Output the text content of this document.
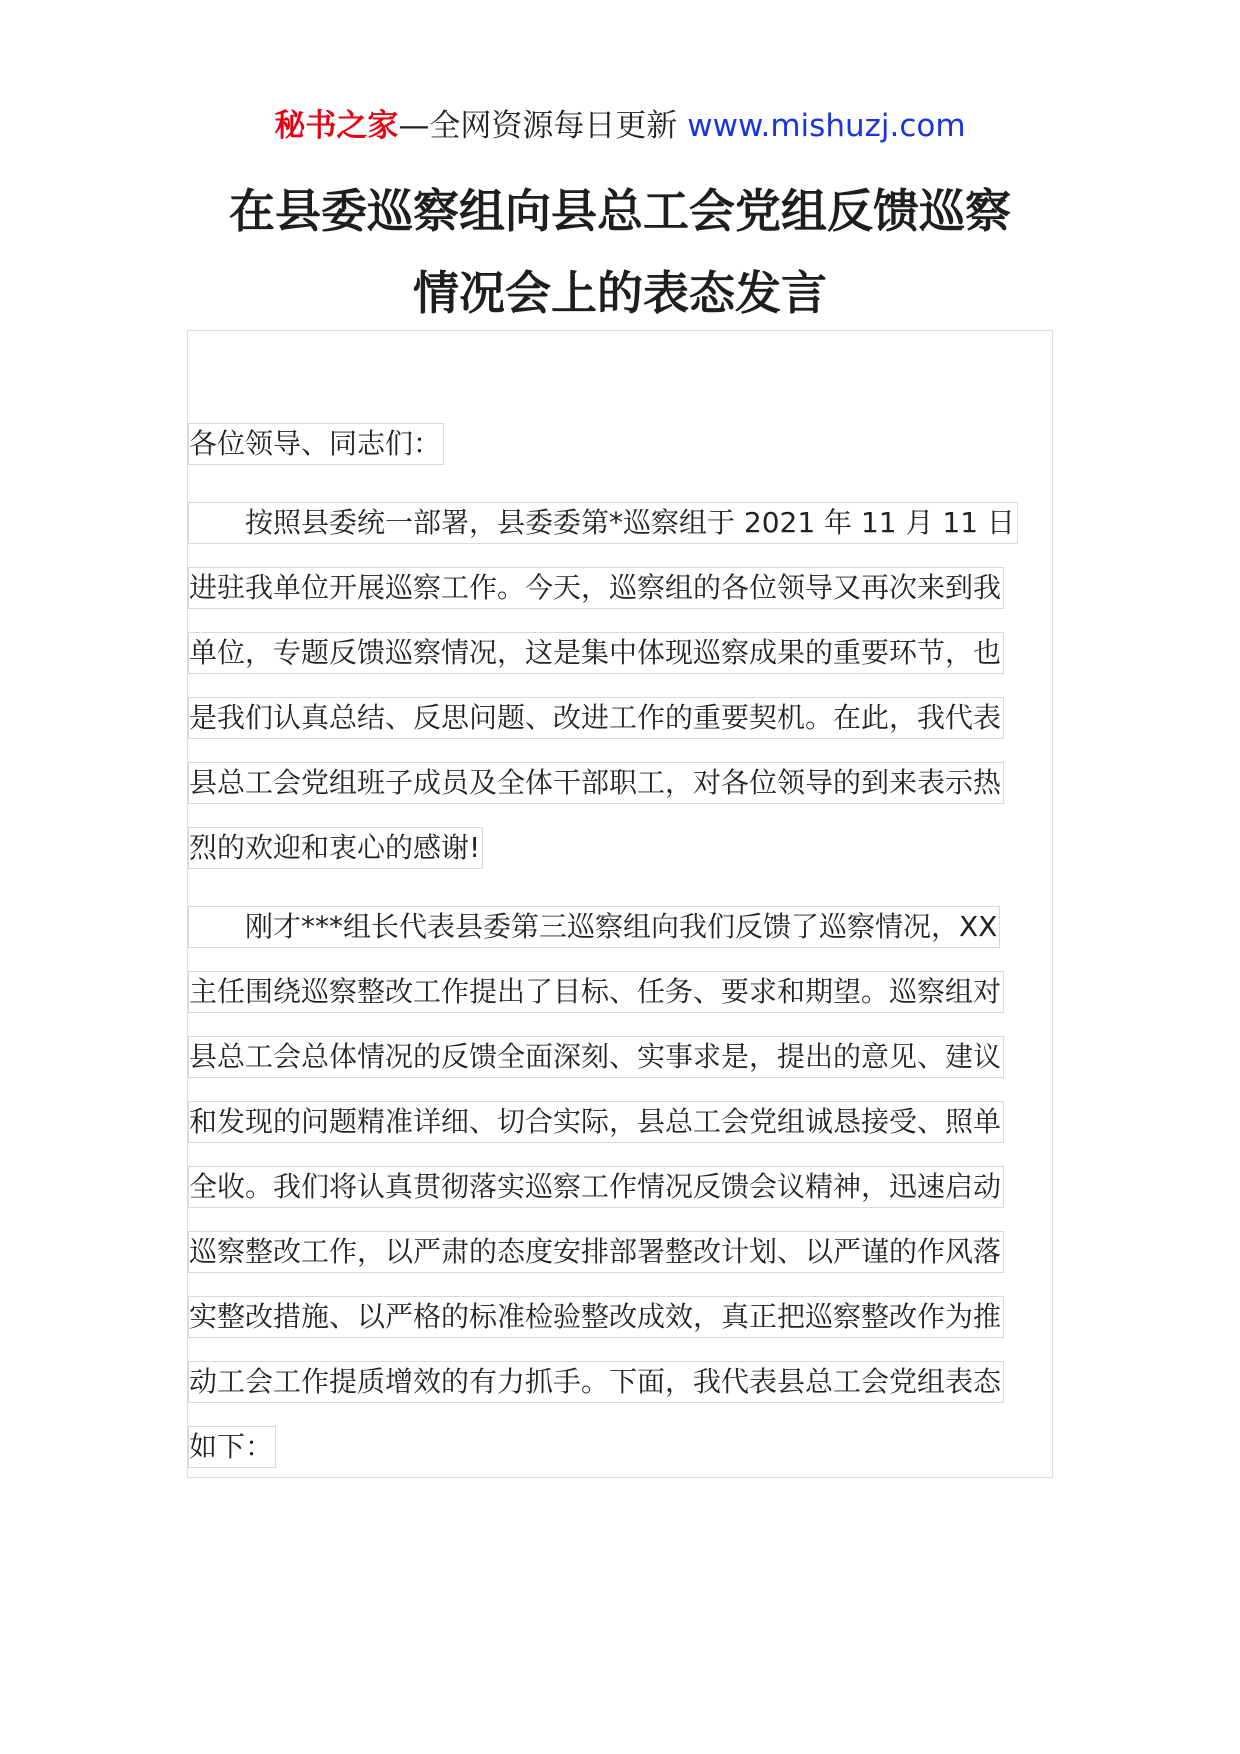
秘书之家—全网资源每日更新 www.mishuzj.com
在县委巡察组向县总工会党组反馈巡察
情况会上的表态发言
各位领导、同志们：
按照县委统一部署，县委委第*巡察组于 2021 年 11 月 11 日
进驻我单位开展巡察工作。今天，巡察组的各位领导又再次来到我
单位，专题反馈巡察情况，这是集中体现巡察成果的重要环节，也
是我们认真总结、反思问题、改进工作的重要契机。在此，我代表
县总工会党组班子成员及全体干部职工，对各位领导的到来表示热
烈的欢迎和衷心的感谢!
刚才***组长代表县委第三巡察组向我们反馈了巡察情况，XX
主任围绕巡察整改工作提出了目标、任务、要求和期望。巡察组对
县总工会总体情况的反馈全面深刻、实事求是，提出的意见、建议
和发现的问题精准详细、切合实际，县总工会党组诚恳接受、照单
全收。我们将认真贯彻落实巡察工作情况反馈会议精神，迅速启动
巡察整改工作，以严肃的态度安排部署整改计划、以严谨的作风落
实整改措施、以严格的标准检验整改成效，真正把巡察整改作为推
动工会工作提质增效的有力抓手。下面，我代表县总工会党组表态
如下：
